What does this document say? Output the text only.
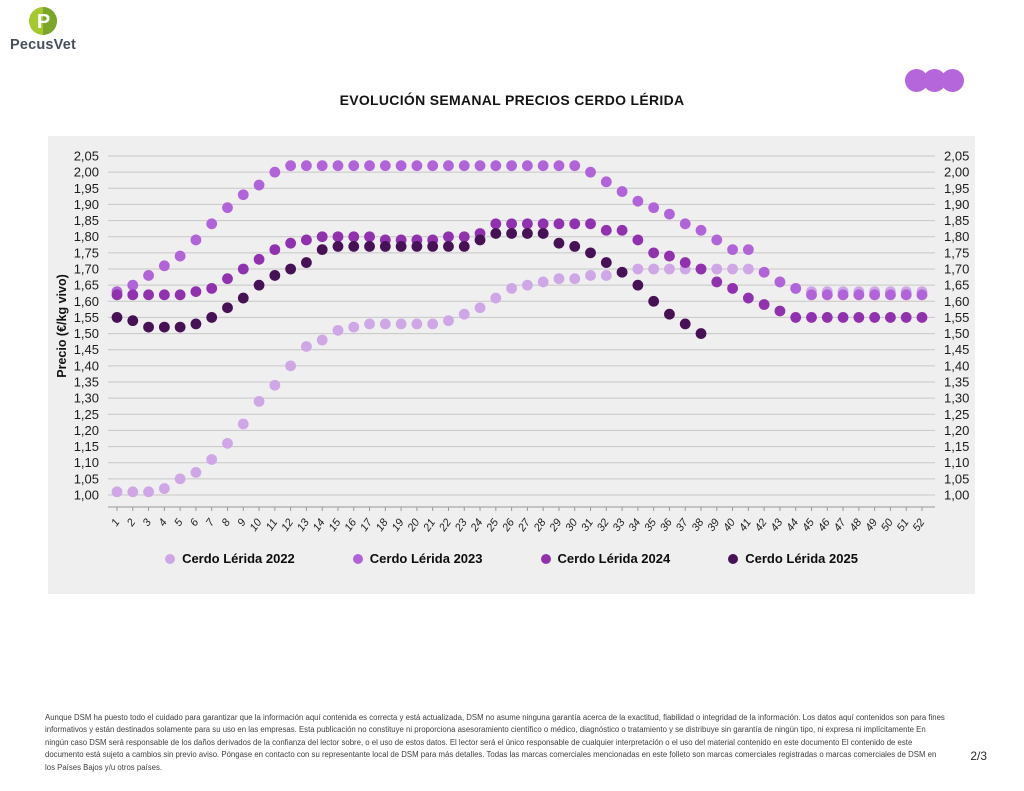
P
PecusVet
EVOLUCIÓN SEMANAL PRECIOS CERDO LÉRIDA
Precio (€/kg vivo)
2,05	2,05
2,00	2,00
1,95	1,95
1,90	1,90
1,85	1,85
1,80	1,80
1,75	1,75
1,70	1,70
1,65	1,65
1,60	1,60
1,55	1,55
1,50	1,50
1,45	1,45
1,40	1,40
1,35	1,35
1,30	1,30
1,25	1,25
1,20	1,20
1,15	1,15
1,10	1,10
1,05	1,05
1,00	1,00
1 2 3 4 5 6 7 8 9
10 11
12
13
14
15
16
17
18
19
20
21
22
23
24
25
26
27
28
29
30
31
32
33
34
35
36
37
38
39
40
41
42
43
44
45
46
47
48
49
50
51
52
Cerdo Lérida 2022	Cerdo Lérida 2023	Cerdo Lérida 2024	Cerdo Lérida 2025
Aunque DSM ha puesto todo el cuidado para garantizar que la información aquí contenida es correcta y está actualizada, DSM no asume ninguna garantía acerca de la exactitud, fiabilidad o integridad de la información. Los datos aquí contenidos son para fines informativos y están destinados solamente para su uso en las empresas. Esta publicación no constituye ni proporciona asesoramiento científico o médico, diagnóstico o tratamiento y se distribuye sin garantía de ningún tipo, ni expresa ni implícitamente En ningún caso DSM será responsable de los daños derivados de la confianza del lector sobre, o el uso de estos datos. El lector será el único responsable de cualquier interpretación o el uso del material contenido en este documento El contenido de este documento está sujeto a cambios sin previo aviso. Póngase en contacto con su representante local de DSM para más detalles. Todas las marcas comerciales mencionadas en este folleto son marcas comerciales registradas o marcas comerciales de DSM en los Países Bajos y/u otros países.
2/3
